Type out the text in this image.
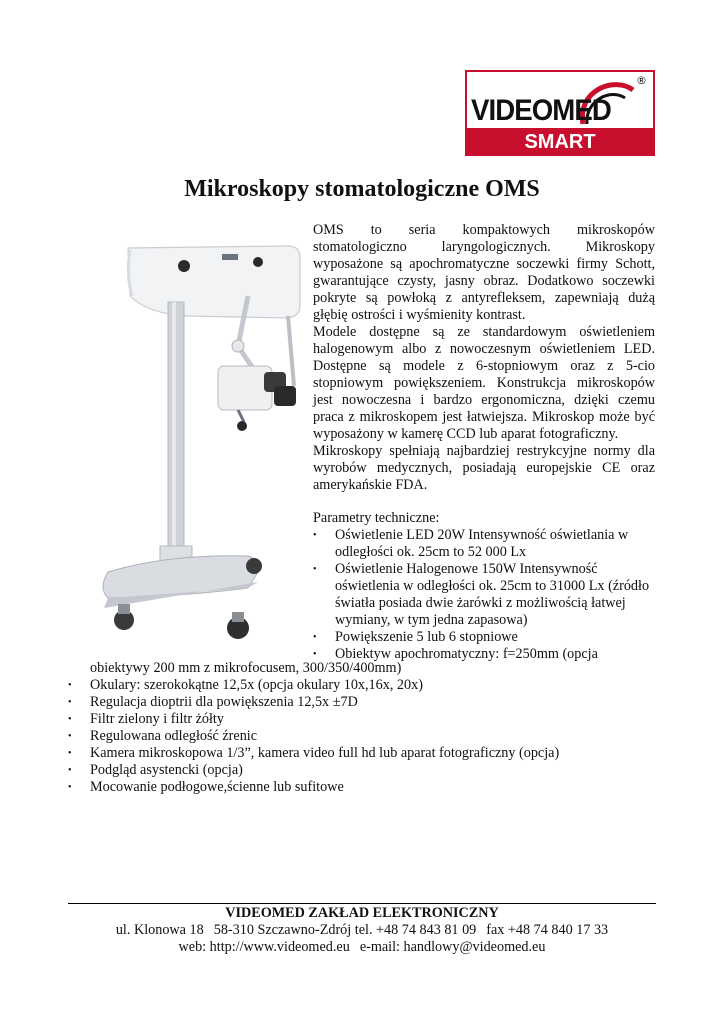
VIDEOMED
®
SMART SOLUTIONS
Mikroskopy stomatologiczne OMS

OMS to seria kompaktowych mikroskopów stomatologiczno laryngologicznych. Mikroskopy wyposażone są apochromatyczne soczewki firmy Schott, gwarantujące czysty, jasny obraz. Dodatkowo soczewki pokryte są powłoką z antyrefleksem, zapewniają dużą głębię ostrości i wyśmienity kontrast.

Modele dostępne są ze standardowym oświetleniem halogenowym albo z nowoczesnym oświetleniem LED. Dostępne są modele z 6-stopniowym oraz z 5-cio stopniowym powiększeniem. Konstrukcja mikroskopów jest nowoczesna i bardzo ergonomiczna, dzięki czemu praca z mikroskopem jest łatwiejsza. Mikroskop może być wyposażony w kamerę CCD lub aparat fotograficzny.

Mikroskopy spełniają najbardziej restrykcyjne normy dla wyrobów medycznych, posiadają europejskie CE oraz amerykańskie FDA.

Parametry techniczne:
• Oświetlenie LED 20W Intensywność oświetlania w odległości ok. 25cm to 52 000 Lx
• Oświetlenie Halogenowe 150W Intensywność oświetlenia w odległości ok. 25cm to 31000 Lx (źródło światła posiada dwie żarówki z możliwością łatwej wymiany, w tym jedna zapasowa)
• Powiększenie 5 lub 6 stopniowe
• Obiektyw apochromatyczny: f=250mm (opcja
obiektywy 200 mm z mikrofocusem, 300/350/400mm)
• Okulary: szerokokątne 12,5x (opcja okulary 10x,16x, 20x)
• Regulacja dioptrii dla powiększenia 12,5x ±7D
• Filtr zielony i filtr żółty
• Regulowana odległość źrenic
• Kamera mikroskopowa 1/3”, kamera video full hd lub aparat fotograficzny (opcja)
• Podgląd asystencki (opcja)
• Mocowanie podłogowe,ścienne lub sufitowe
VIDEOMED ZAKŁAD ELEKTRONICZNY
ul. Klonowa 18 58-310 Szczawno-Zdrój tel. +48 74 843 81 09 fax +48 74 840 17 33
web: http://www.videomed.eu e-mail: handlowy@videomed.eu
